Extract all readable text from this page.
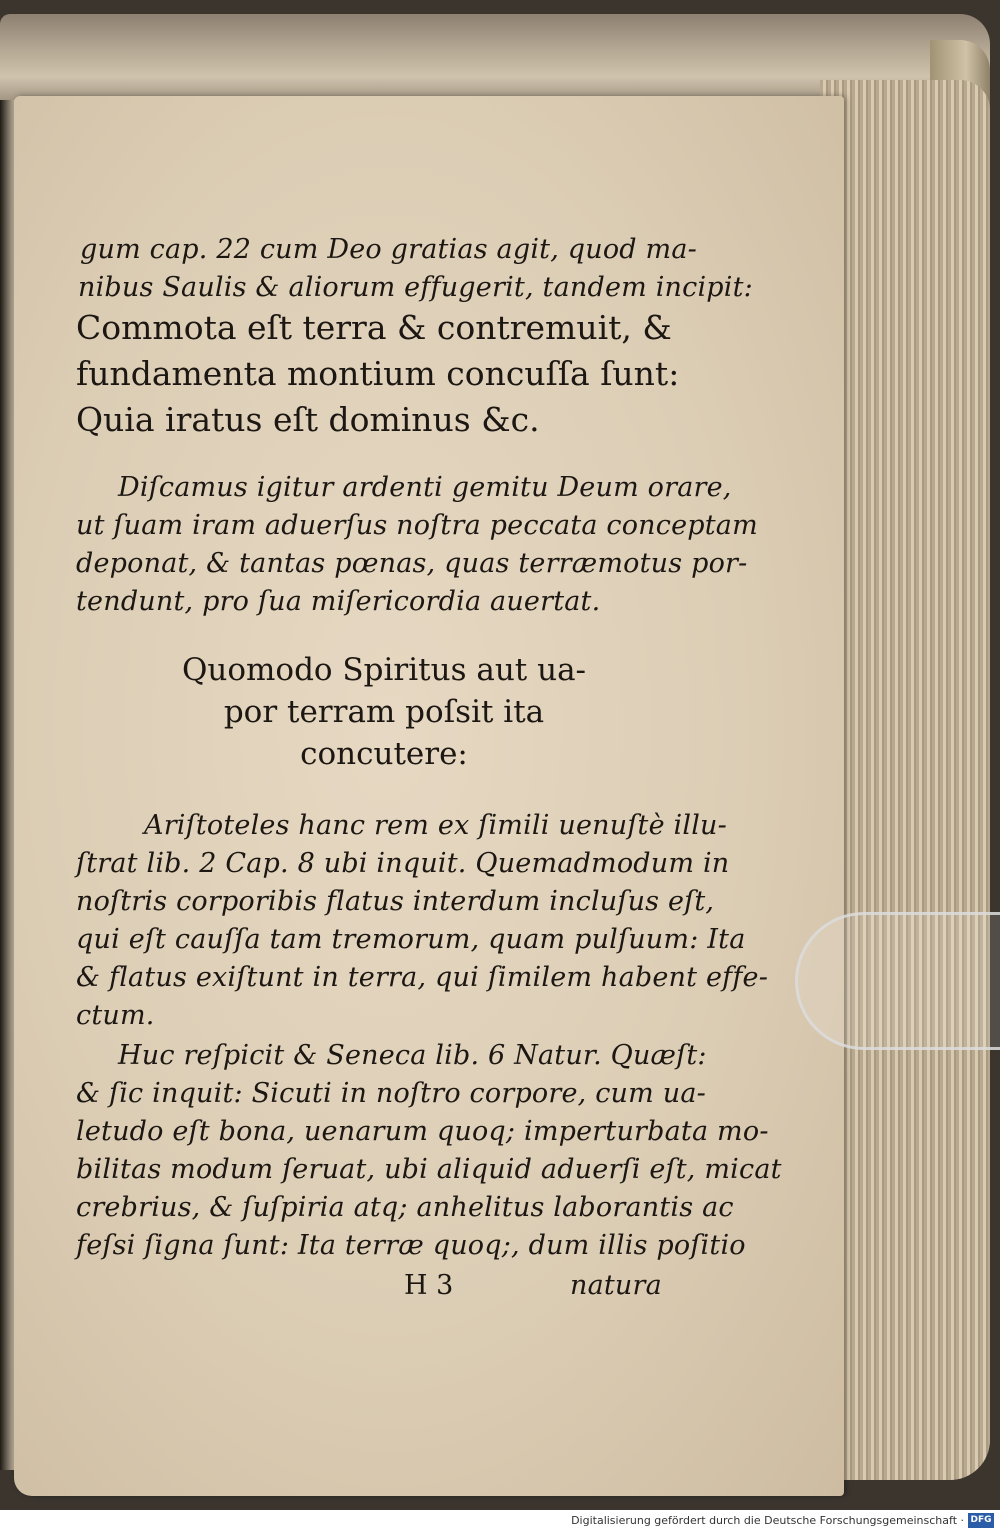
gum cap. 22 cum Deo gratias agit, quod ma-
nibus Saulis & aliorum effugerit, tandem incipit:
Commota eſt terra & contremuit, &
fundamenta montium concuſſa ſunt:
Quia iratus eſt dominus &c.
Diſcamus igitur ardenti gemitu Deum orare,
ut ſuam iram aduerſus noſtra peccata conceptam
deponat, & tantas pœnas, quas terræmotus por-
tendunt, pro ſua miſericordia auertat.
Quomodo Spiritus aut ua-
por terram poſsit ita
concutere:
Ariſtoteles hanc rem ex ſimili uenuſtè illu-
ſtrat lib. 2 Cap. 8 ubi inquit. Quemadmodum in
noſtris corporibis flatus interdum incluſus eſt,
qui eſt cauſſa tam tremorum, quam pulſuum: Ita
& flatus exiſtunt in terra, qui ſimilem habent effe-
ctum.
Huc reſpicit & Seneca lib. 6 Natur. Quæſt:
& ſic inquit: Sicuti in noſtro corpore, cum ua-
letudo eſt bona, uenarum quoq; imperturbata mo-
bilitas modum ſeruat, ubi aliquid aduerſi eſt, micat
crebrius, & ſuſpiria atq; anhelitus laborantis ac
feſsi ſigna ſunt: Ita terræ quoq;, dum illis poſitio
H 3	natura
Digitalisierung gefördert durch die Deutsche Forschungsgemeinschaft · DFG
